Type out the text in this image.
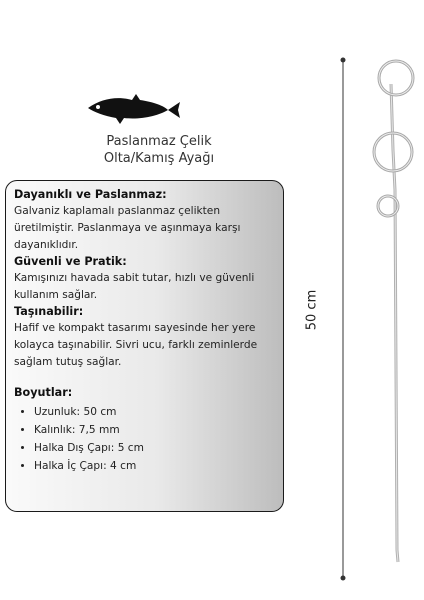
Paslanmaz Çelik
Olta/Kamış Ayağı
Dayanıklı ve Paslanmaz:
Galvaniz kaplamalı paslanmaz çelikten üretilmiştir. Paslanmaya ve aşınmaya karşı dayanıklıdır.
Güvenli ve Pratik:
Kamışınızı havada sabit tutar, hızlı ve güvenli kullanım sağlar.
Taşınabilir:
Hafif ve kompakt tasarımı sayesinde her yere kolayca taşınabilir. Sivri ucu, farklı zeminlerde sağlam tutuş sağlar.
Boyutlar:
• Uzunluk: 50 cm
• Kalınlık: 7,5 mm
• Halka Dış Çapı: 5 cm
• Halka İç Çapı: 4 cm
50 cm
